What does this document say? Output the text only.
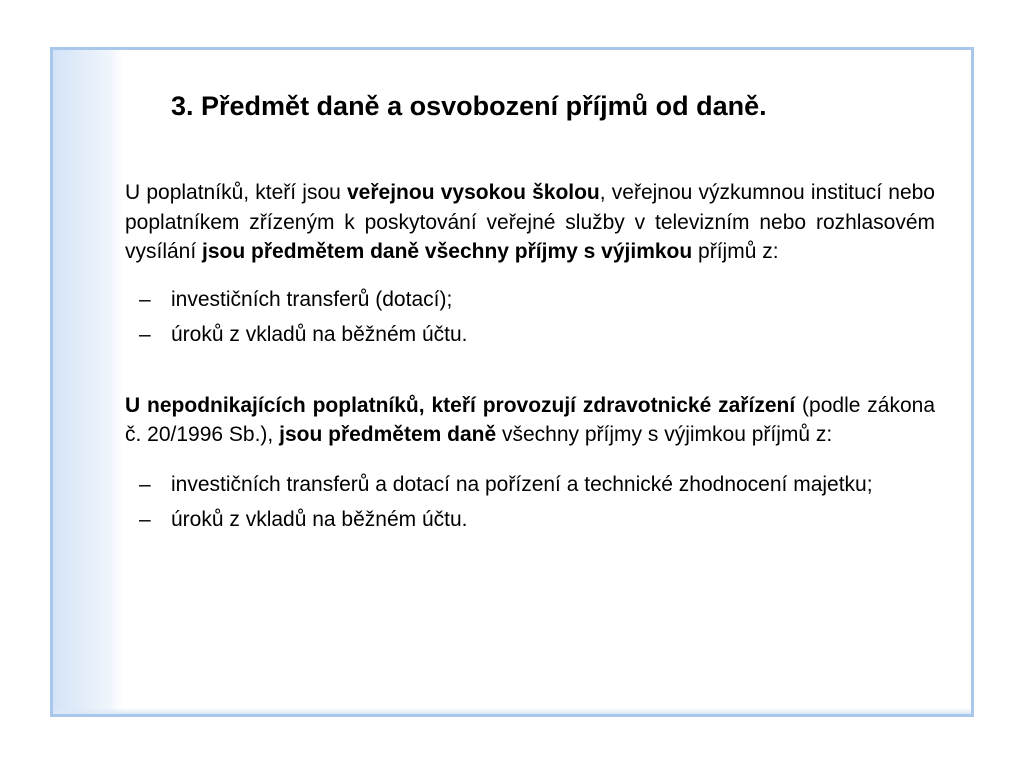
3. Předmět daně a osvobození příjmů od daně.

U poplatníků, kteří jsou veřejnou vysokou školou, veřejnou výzkumnou institucí nebo poplatníkem zřízeným k poskytování veřejné služby v televizním nebo rozhlasovém vysílání jsou předmětem daně všechny příjmy s výjimkou příjmů z:

– investičních transferů (dotací);
– úroků z vkladů na běžném účtu.

U nepodnikajících poplatníků, kteří provozují zdravotnické zařízení (podle zákona č. 20/1996 Sb.), jsou předmětem daně všechny příjmy s výjimkou příjmů z:

– investičních transferů a dotací na pořízení a technické zhodnocení majetku;
– úroků z vkladů na běžném účtu.
